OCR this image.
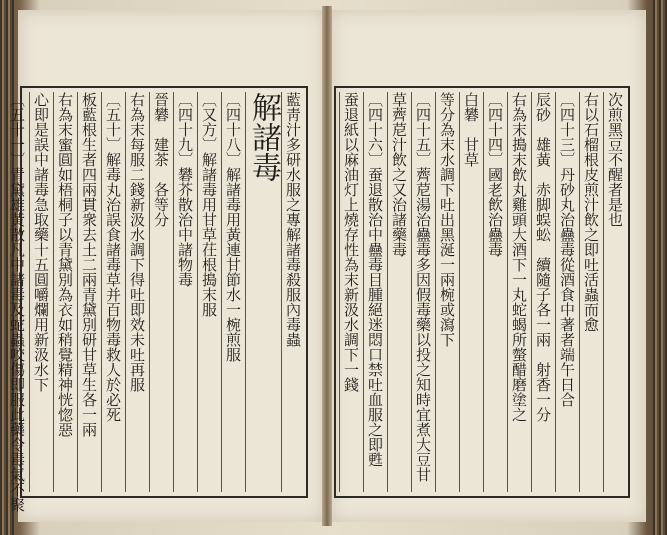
藍靑汁多研水服之專解諸毒殺服內毒蟲
解諸毒
〔四十八〕解諸毒用黃連甘節水一椀煎服
〔又方〕解諸毒用甘草茌根搗末服
〔四十九〕礬芥散治中諸物毒
晉礬　建茶　各等分
右為末每服二錢新汲水調下得吐即效未吐再服
〔五十〕解毒丸治誤食諸毒草并百物毒救人於必死
板藍根生者四兩貫衆去土二兩青黛別研甘草生各一兩
右為末蜜圓如梧桐子以青黛別為衣如稍覺精神恍惚惡
心即是誤中諸毒急取藥十五圓嚼爛用新汲水下
〔五十一〕青黛雄黃散凡中諸毒及蛇蟲咬傷即服此藥令毒氣不聚	次煎黑豆不醒者是也
右以石榴根皮煎汁飲之即吐活蟲而愈
〔四十三〕丹砂丸治蠱毒從酒食中著者端午日合
辰砂　雄黃　赤脚蜈蚣　續隨子各一兩　射香一分
右為末搗末飲丸雞頭大酒下一丸蛇蝎所螫醋磨塗之
〔四十四〕國老飲治蠱毒
白礬　甘草
等分為末水調下吐出黑涎一兩椀或瀉下
〔四十五〕薺苨湯治蠱毒多因假毒藥以投之知時宜煮大豆甘
草薺苨汁飲之又治諸藥毒
〔四十六〕蚕退散治中蠱毒目腫絕迷悶口禁吐血服之即甦
蚕退紙以麻油灯上燒存性為末新汲水調下一錢
